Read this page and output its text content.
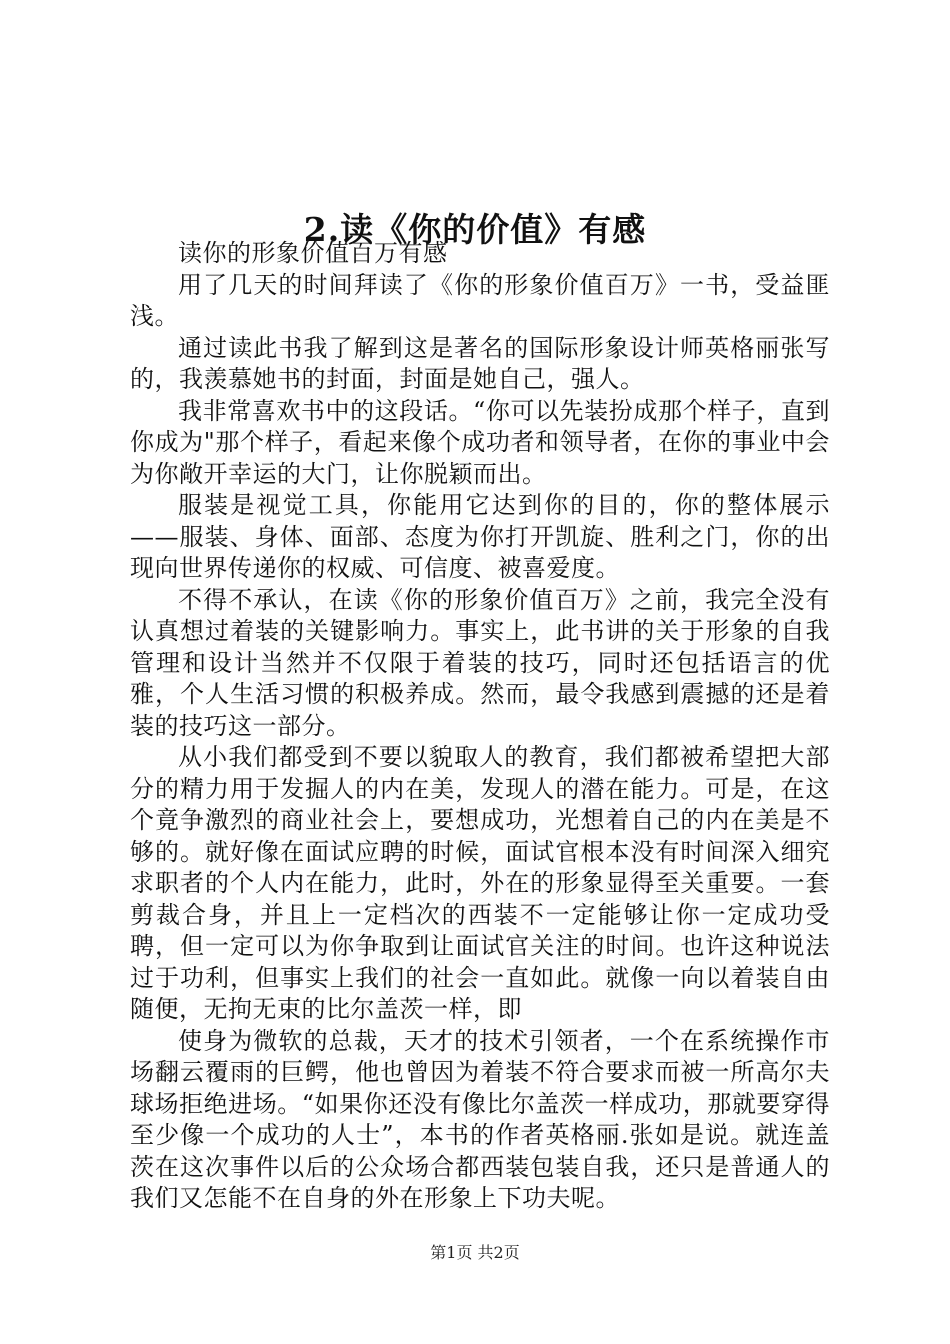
2.读《你的价值》有感

读你的形象价值百万有感

用了几天的时间拜读了《你的形象价值百万》一书，受益匪浅。

通过读此书我了解到这是著名的国际形象设计师英格丽张写的，我羡慕她书的封面，封面是她自己，强人。

我非常喜欢书中的这段话。“你可以先装扮成那个样子，直到你成为"那个样子，看起来像个成功者和领导者，在你的事业中会为你敞开幸运的大门，让你脱颖而出。

服装是视觉工具，你能用它达到你的目的，你的整体展示——服装、身体、面部、态度为你打开凯旋、胜利之门，你的出现向世界传递你的权威、可信度、被喜爱度。

不得不承认，在读《你的形象价值百万》之前，我完全没有认真想过着装的关键影响力。事实上，此书讲的关于形象的自我管理和设计当然并不仅限于着装的技巧，同时还包括语言的优雅，个人生活习惯的积极养成。然而，最令我感到震撼的还是着装的技巧这一部分。

从小我们都受到不要以貌取人的教育，我们都被希望把大部分的精力用于发掘人的内在美，发现人的潜在能力。可是，在这个竟争激烈的商业社会上，要想成功，光想着自己的内在美是不够的。就好像在面试应聘的时候，面试官根本没有时间深入细究求职者的个人内在能力，此时，外在的形象显得至关重要。一套剪裁合身，并且上一定档次的西装不一定能够让你一定成功受聘，但一定可以为你争取到让面试官关注的时间。也许这种说法过于功利，但事实上我们的社会一直如此。就像一向以着装自由随便，无拘无束的比尔盖茨一样，即

使身为微软的总裁，天才的技术引领者，一个在系统操作市场翻云覆雨的巨鳄，他也曾因为着装不符合要求而被一所高尔夫球场拒绝进场。“如果你还没有像比尔盖茨一样成功，那就要穿得至少像一个成功的人士”，本书的作者英格丽.张如是说。就连盖茨在这次事件以后的公众场合都西装包装自我，还只是普通人的我们又怎能不在自身的外在形象上下功夫呢。

第1页 共2页
